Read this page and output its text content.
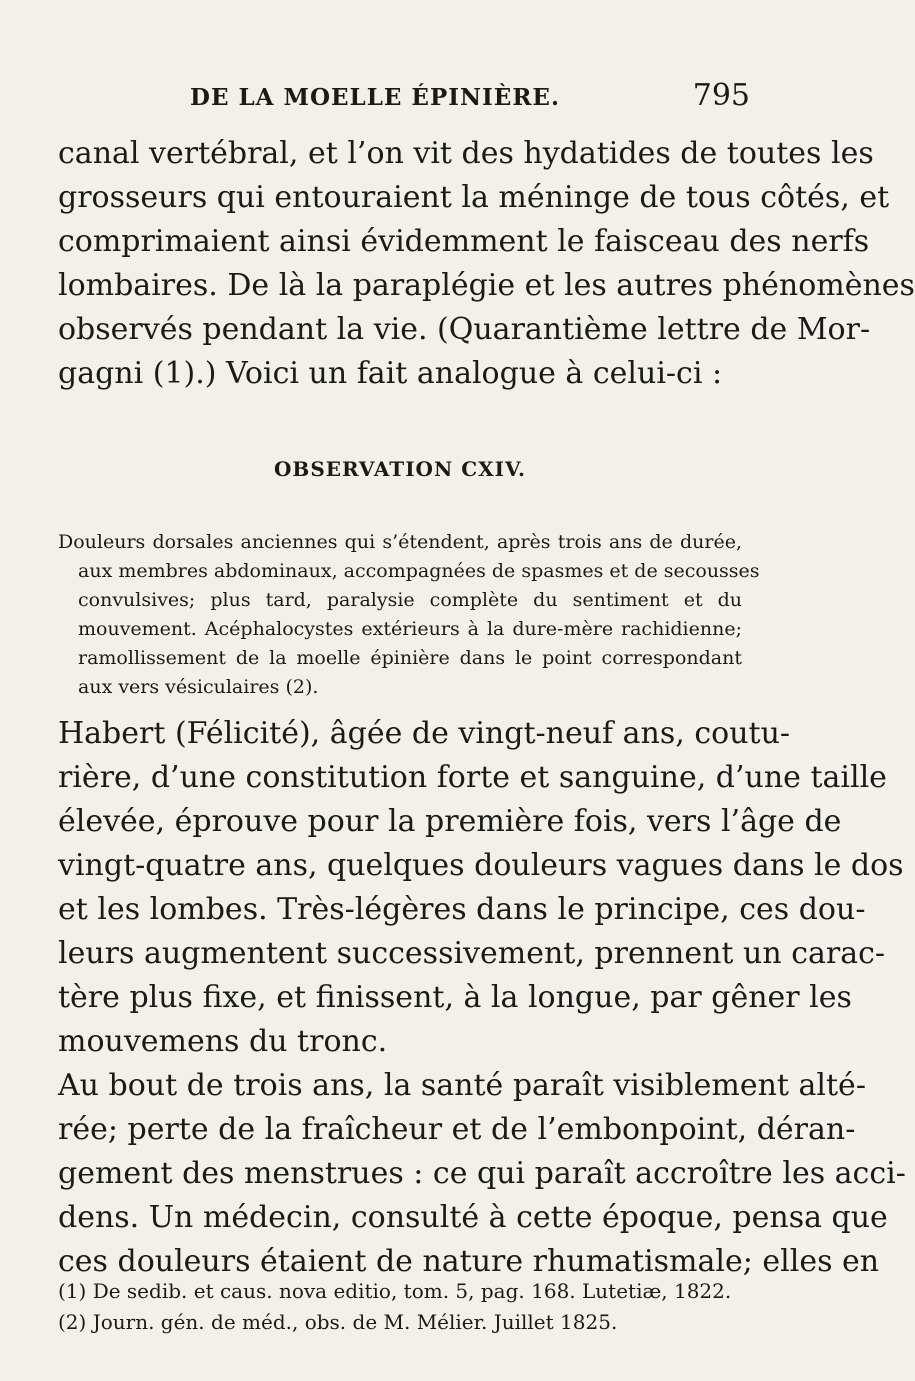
DE LA MOELLE ÉPINIÈRE.	795
canal vertébral, et l’on vit des hydatides de toutes les
grosseurs qui entouraient la méninge de tous côtés, et
comprimaient ainsi évidemment le faisceau des nerfs
lombaires. De là la paraplégie et les autres phénomènes
observés pendant la vie. (Quarantième lettre de Mor-
gagni (1).) Voici un fait analogue à celui-ci :
OBSERVATION CXIV.
Douleurs dorsales anciennes qui s’étendent, après trois ans de durée,
aux membres abdominaux, accompagnées de spasmes et de secousses
convulsives; plus tard, paralysie complète du sentiment et du
mouvement. Acéphalocystes extérieurs à la dure-mère rachidienne;
ramollissement de la moelle épinière dans le point correspondant
aux vers vésiculaires (2).
Habert (Félicité), âgée de vingt-neuf ans, coutu-
rière, d’une constitution forte et sanguine, d’une taille
élevée, éprouve pour la première fois, vers l’âge de
vingt-quatre ans, quelques douleurs vagues dans le dos
et les lombes. Très-légères dans le principe, ces dou-
leurs augmentent successivement, prennent un carac-
tère plus fixe, et finissent, à la longue, par gêner les
mouvemens du tronc.
Au bout de trois ans, la santé paraît visiblement alté-
rée; perte de la fraîcheur et de l’embonpoint, déran-
gement des menstrues : ce qui paraît accroître les acci-
dens. Un médecin, consulté à cette époque, pensa que
ces douleurs étaient de nature rhumatismale; elles en
(1) De sedib. et caus. nova editio, tom. 5, pag. 168. Lutetiæ, 1822.
(2) Journ. gén. de méd., obs. de M. Mélier. Juillet 1825.
